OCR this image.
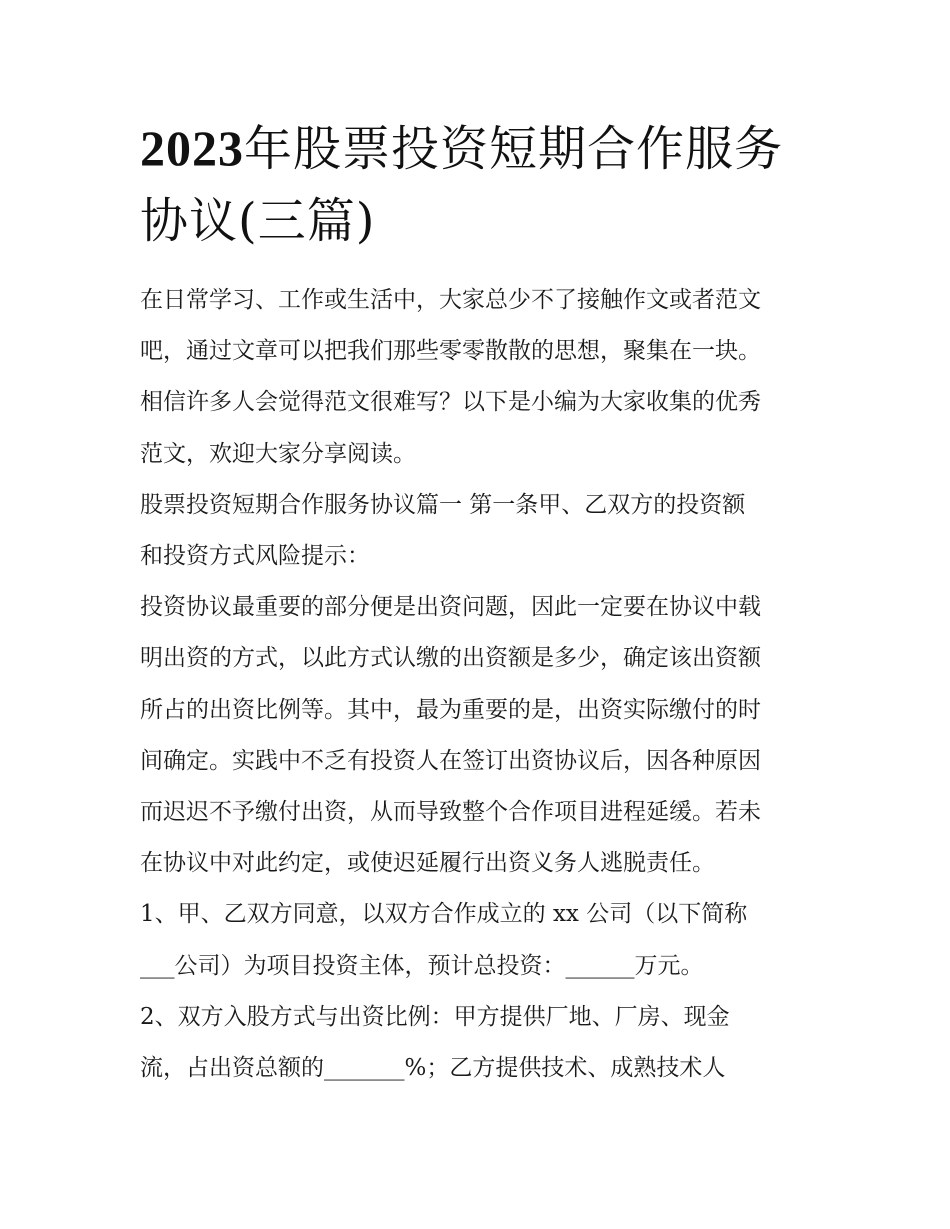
2023年股票投资短期合作服务
协议(三篇)
在日常学习、工作或生活中，大家总少不了接触作文或者范文
吧，通过文章可以把我们那些零零散散的思想，聚集在一块。
相信许多人会觉得范文很难写？以下是小编为大家收集的优秀
范文，欢迎大家分享阅读。
股票投资短期合作服务协议篇一 第一条甲、乙双方的投资额
和投资方式风险提示：
投资协议最重要的部分便是出资问题，因此一定要在协议中载
明出资的方式，以此方式认缴的出资额是多少，确定该出资额
所占的出资比例等。其中，最为重要的是，出资实际缴付的时
间确定。实践中不乏有投资人在签订出资协议后，因各种原因
而迟迟不予缴付出资，从而导致整个合作项目进程延缓。若未
在协议中对此约定，或使迟延履行出资义务人逃脱责任。
1、甲、乙双方同意，以双方合作成立的 xx 公司（以下简称
___公司）为项目投资主体，预计总投资：______万元。
2、双方入股方式与出资比例：甲方提供厂地、厂房、现金
流，占出资总额的_______%；乙方提供技术、成熟技术人
